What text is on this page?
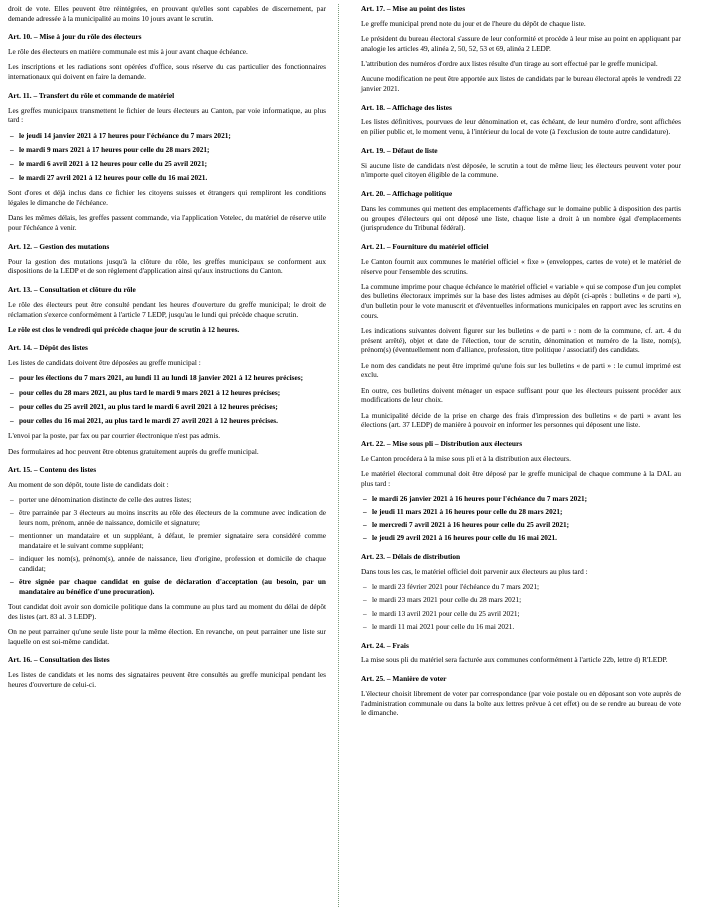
droit de vote. Elles peuvent être réintégrées, en prouvant qu'elles sont capables de discernement, par demande adressée à la municipalité au moins 10 jours avant le scrutin.

Art. 10. – Mise à jour du rôle des électeurs

Le rôle des électeurs en matière communale est mis à jour avant chaque échéance.

Les inscriptions et les radiations sont opérées d'office, sous réserve du cas particulier des fonctionnaires internationaux qui doivent en faire la demande.

Art. 11. – Transfert du rôle et commande de matériel

Les greffes municipaux transmettent le fichier de leurs électeurs au Canton, par voie informatique, au plus tard :

– le jeudi 14 janvier 2021 à 17 heures pour l'échéance du 7 mars 2021;
– le mardi 9 mars 2021 à 17 heures pour celle du 28 mars 2021;
– le mardi 6 avril 2021 à 12 heures pour celle du 25 avril 2021;
– le mardi 27 avril 2021 à 12 heures pour celle du 16 mai 2021.

Sont d'ores et déjà inclus dans ce fichier les citoyens suisses et étrangers qui rempliront les conditions légales le dimanche de l'échéance.

Dans les mêmes délais, les greffes passent commande, via l'application Votelec, du matériel de réserve utile pour l'échéance à venir.

Art. 12. – Gestion des mutations

Pour la gestion des mutations jusqu'à la clôture du rôle, les greffes municipaux se conforment aux dispositions de la LEDP et de son règlement d'application ainsi qu'aux instructions du Canton.

Art. 13. – Consultation et clôture du rôle

Le rôle des électeurs peut être consulté pendant les heures d'ouverture du greffe municipal; le droit de réclamation s'exerce conformément à l'article 7 LEDP, jusqu'au le lundi qui précède chaque scrutin.

Le rôle est clos le vendredi qui précède chaque jour de scrutin à 12 heures.

Art. 14. – Dépôt des listes

Les listes de candidats doivent être déposées au greffe municipal :

– pour les élections du 7 mars 2021, au lundi 11 au lundi 18 janvier 2021 à 12 heures précises;
– pour celles du 28 mars 2021, au plus tard le mardi 9 mars 2021 à 12 heures précises;
– pour celles du 25 avril 2021, au plus tard le mardi 6 avril 2021 à 12 heures précises;
– pour celles du 16 mai 2021, au plus tard le mardi 27 avril 2021 à 12 heures précises.

L'envoi par la poste, par fax ou par courrier électronique n'est pas admis.

Des formulaires ad hoc peuvent être obtenus gratuitement auprès du greffe municipal.

Art. 15. – Contenu des listes

Au moment de son dépôt, toute liste de candidats doit :

– porter une dénomination distincte de celle des autres listes;
– être parrainée par 3 électeurs au moins inscrits au rôle des électeurs de la commune avec indication de leurs nom, prénom, année de naissance, domicile et signature;
– mentionner un mandataire et un suppléant, à défaut, le premier signataire sera considéré comme mandataire et le suivant comme suppléant;
– indiquer les nom(s), prénom(s), année de naissance, lieu d'origine, profession et domicile de chaque candidat;
– être signée par chaque candidat en guise de déclaration d'acceptation (au besoin, par un mandataire au bénéfice d'une procuration).

Tout candidat doit avoir son domicile politique dans la commune au plus tard au moment du délai de dépôt des listes (art. 83 al. 3 LEDP).

On ne peut parrainer qu'une seule liste pour la même élection. En revanche, on peut parrainer une liste sur laquelle on est soi-même candidat.

Art. 16. – Consultation des listes

Les listes de candidats et les noms des signataires peuvent être consultés au greffe municipal pendant les heures d'ouverture de celui-ci.

Art. 17. – Mise au point des listes

Le greffe municipal prend note du jour et de l'heure du dépôt de chaque liste.

Le président du bureau électoral s'assure de leur conformité et procède à leur mise au point en appliquant par analogie les articles 49, alinéa 2, 50, 52, 53 et 69, alinéa 2 LEDP.

L'attribution des numéros d'ordre aux listes résulte d'un tirage au sort effectué par le greffe municipal.

Aucune modification ne peut être apportée aux listes de candidats par le bureau électoral après le vendredi 22 janvier 2021.

Art. 18. – Affichage des listes

Les listes définitives, pourvues de leur dénomination et, cas échéant, de leur numéro d'ordre, sont affichées en pilier public et, le moment venu, à l'intérieur du local de vote (à l'exclusion de toute autre candidature).

Art. 19. – Défaut de liste

Si aucune liste de candidats n'est déposée, le scrutin a tout de même lieu; les électeurs peuvent voter pour n'importe quel citoyen éligible de la commune.

Art. 20. – Affichage politique

Dans les communes qui mettent des emplacements d'affichage sur le domaine public à disposition des partis ou groupes d'électeurs qui ont déposé une liste, chaque liste a droit à un nombre égal d'emplacements (jurisprudence du Tribunal fédéral).

Art. 21. – Fourniture du matériel officiel

Le Canton fournit aux communes le matériel officiel « fixe » (enveloppes, cartes de vote) et le matériel de réserve pour l'ensemble des scrutins.

La commune imprime pour chaque échéance le matériel officiel « variable » qui se compose d'un jeu complet des bulletins électoraux imprimés sur la base des listes admises au dépôt (ci-après : bulletins « de parti »), d'un bulletin pour le vote manuscrit et d'éventuelles informations municipales en rapport avec les scrutins en cours.

Les indications suivantes doivent figurer sur les bulletins « de parti » : nom de la commune, cf. art. 4 du présent arrêté), objet et date de l'élection, tour de scrutin, dénomination et numéro de la liste, nom(s), prénom(s) (éventuellement nom d'alliance, profession, titre politique / associatif) des candidats.

Le nom des candidats ne peut être imprimé qu'une fois sur les bulletins « de parti » : le cumul imprimé est exclu.

En outre, ces bulletins doivent ménager un espace suffisant pour que les électeurs puissent procéder aux modifications de leur choix.

La municipalité décide de la prise en charge des frais d'impression des bulletins « de parti » avant les élections (art. 37 LEDP) de manière à pouvoir en informer les personnes qui déposent une liste.

Art. 22. – Mise sous pli – Distribution aux électeurs

Le Canton procédera à la mise sous pli et à la distribution aux électeurs.

Le matériel électoral communal doit être déposé par le greffe municipal de chaque commune à la DAL au plus tard :

– le mardi 26 janvier 2021 à 16 heures pour l'échéance du 7 mars 2021;
– le jeudi 11 mars 2021 à 16 heures pour celle du 28 mars 2021;
– le mercredi 7 avril 2021 à 16 heures pour celle du 25 avril 2021;
– le jeudi 29 avril 2021 à 16 heures pour celle du 16 mai 2021.
Art. 23. – Délais de distribution

Dans tous les cas, le matériel officiel doit parvenir aux électeurs au plus tard :

– le mardi 23 février 2021 pour l'échéance du 7 mars 2021;
– le mardi 23 mars 2021 pour celle du 28 mars 2021;
– le mardi 13 avril 2021 pour celle du 25 avril 2021;
– le mardi 11 mai 2021 pour celle du 16 mai 2021.
Art. 24. – Frais

La mise sous pli du matériel sera facturée aux communes conformément à l'article 22b, lettre d) R'LEDP.

Art. 25. – Manière de voter

L'électeur choisit librement de voter par correspondance (par voie postale ou en déposant son vote auprès de l'administration communale ou dans la boîte aux lettres prévue à cet effet) ou de se rendre au bureau de vote le dimanche.
